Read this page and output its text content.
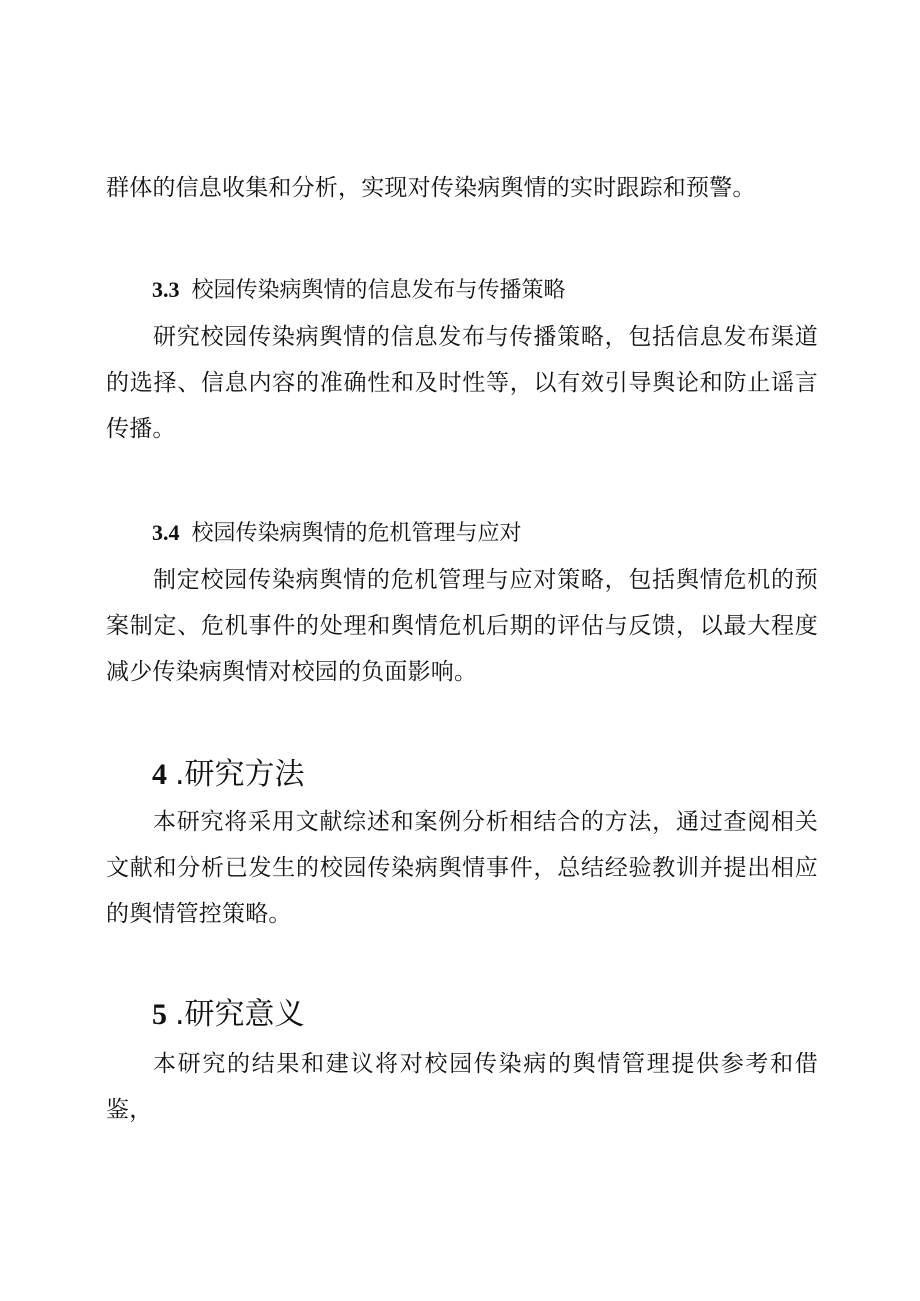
群体的信息收集和分析，实现对传染病舆情的实时跟踪和预警。

3.3 校园传染病舆情的信息发布与传播策略

研究校园传染病舆情的信息发布与传播策略，包括信息发布渠道的选择、信息内容的准确性和及时性等，以有效引导舆论和防止谣言传播。

3.4 校园传染病舆情的危机管理与应对

制定校园传染病舆情的危机管理与应对策略，包括舆情危机的预案制定、危机事件的处理和舆情危机后期的评估与反馈，以最大程度减少传染病舆情对校园的负面影响。

4 .研究方法

本研究将采用文献综述和案例分析相结合的方法，通过查阅相关文献和分析已发生的校园传染病舆情事件，总结经验教训并提出相应的舆情管控策略。

5 .研究意义

本研究的结果和建议将对校园传染病的舆情管理提供参考和借鉴，
